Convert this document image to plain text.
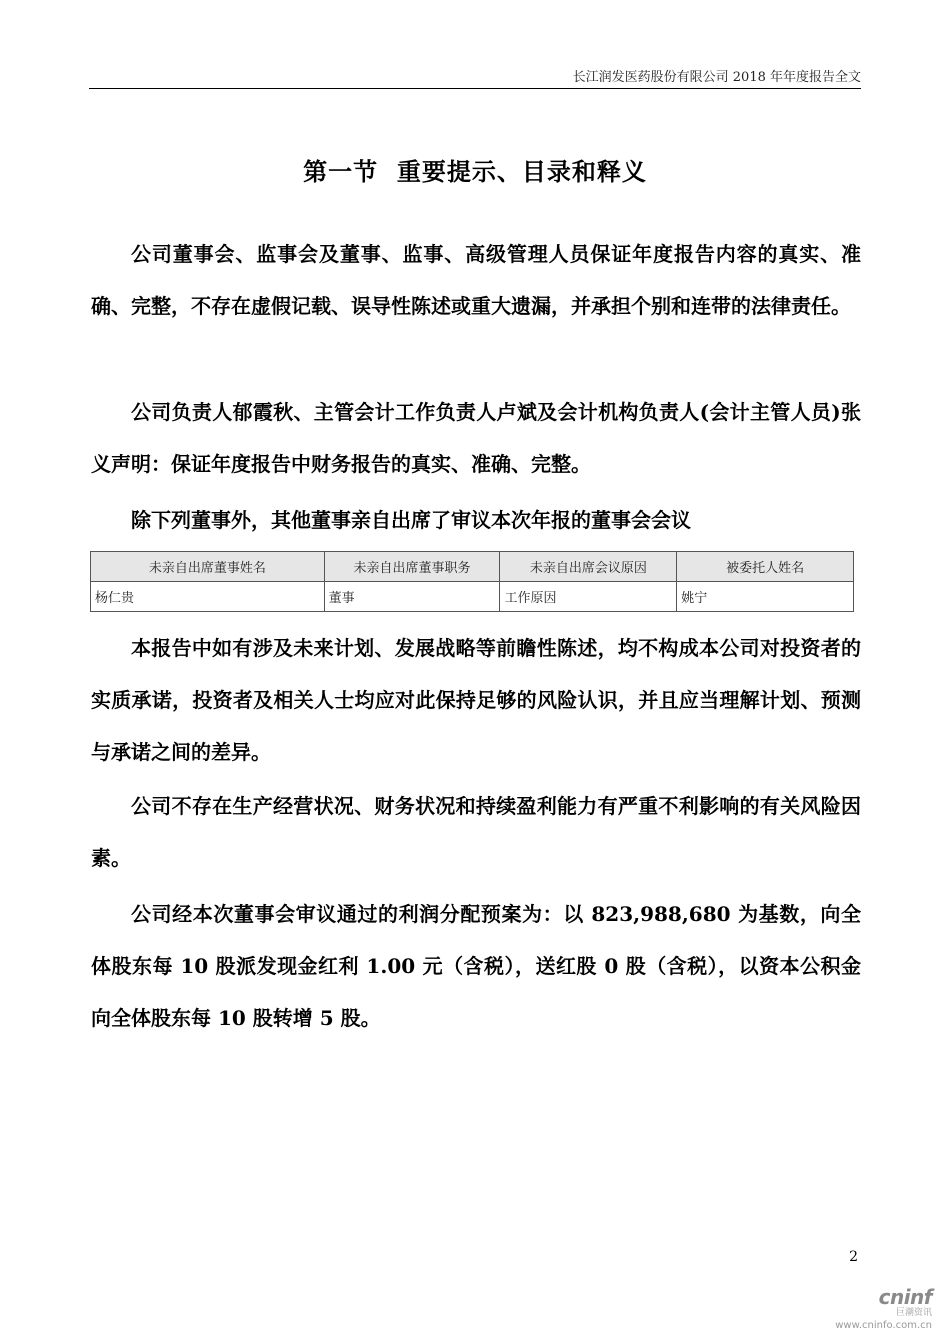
长江润发医药股份有限公司 2018 年年度报告全文
第一节  重要提示、目录和释义

公司董事会、监事会及董事、监事、高级管理人员保证年度报告内容的真实、准确、完整，不存在虚假记载、误导性陈述或重大遗漏，并承担个别和连带的法律责任。

公司负责人郁霞秋、主管会计工作负责人卢斌及会计机构负责人(会计主管人员)张义声明：保证年度报告中财务报告的真实、准确、完整。

除下列董事外，其他董事亲自出席了审议本次年报的董事会会议

未亲自出席董事姓名	未亲自出席董事职务	未亲自出席会议原因	被委托人姓名
杨仁贵	董事	工作原因	姚宁

本报告中如有涉及未来计划、发展战略等前瞻性陈述，均不构成本公司对投资者的实质承诺，投资者及相关人士均应对此保持足够的风险认识，并且应当理解计划、预测与承诺之间的差异。

公司不存在生产经营状况、财务状况和持续盈利能力有严重不利影响的有关风险因素。

公司经本次董事会审议通过的利润分配预案为：以 823,988,680 为基数，向全体股东每 10 股派发现金红利 1.00 元（含税），送红股 0 股（含税），以资本公积金向全体股东每 10 股转增 5 股。

2
cninf
巨潮资讯
www.cninfo.com.cn
